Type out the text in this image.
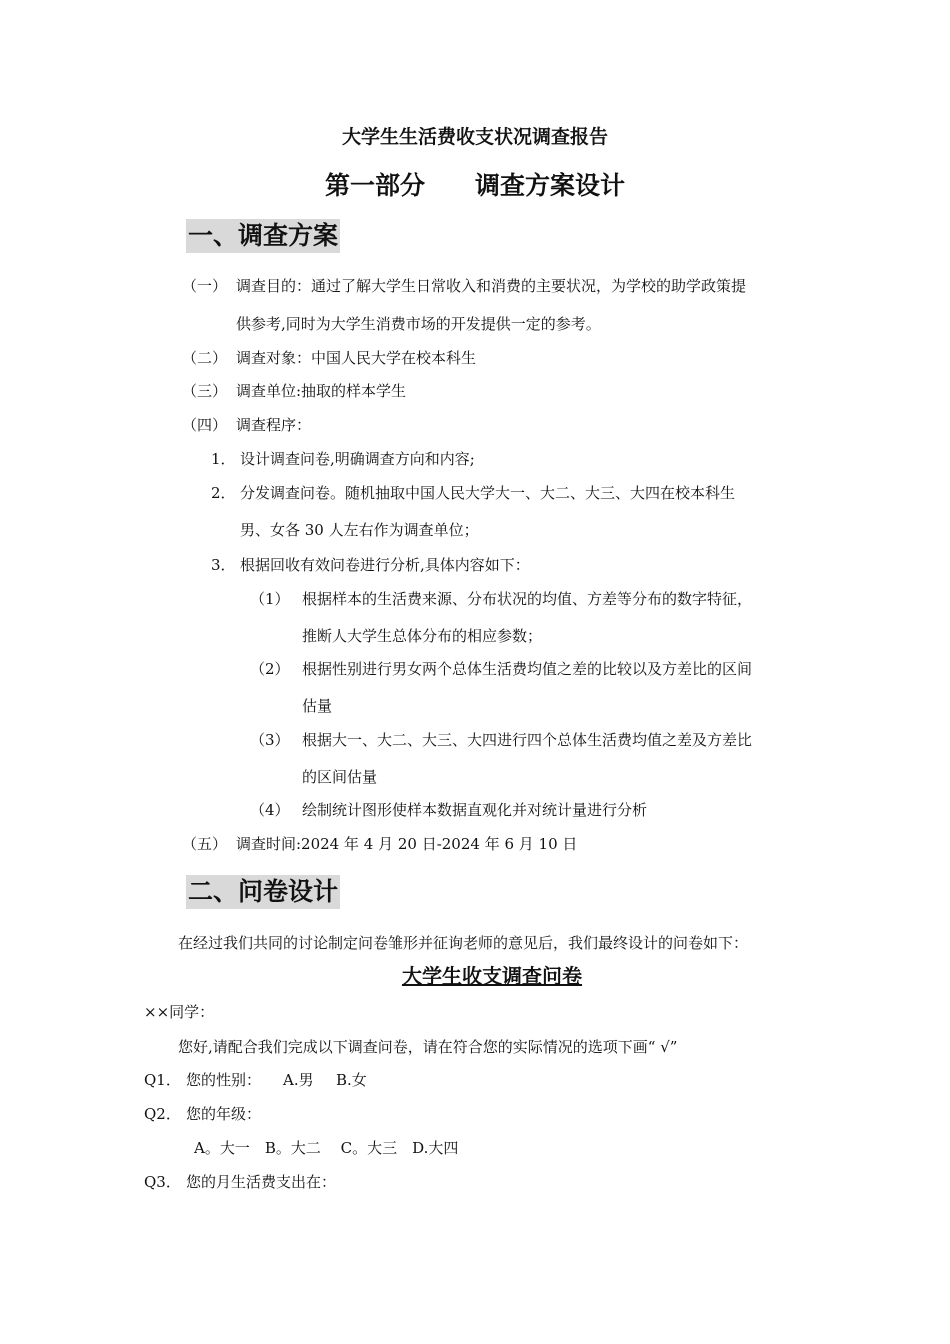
大学生生活费收支状况调查报告
第一部分　　调查方案设计
一、调查方案
（一） 调查目的：通过了解大学生日常收入和消费的主要状况，为学校的助学政策提
供参考,同时为大学生消费市场的开发提供一定的参考。
（二） 调查对象：中国人民大学在校本科生
（三） 调查单位:抽取的样本学生
（四） 调查程序：
1． 设计调查问卷,明确调查方向和内容;
2． 分发调查问卷。随机抽取中国人民大学大一、大二、大三、大四在校本科生
男、女各 30 人左右作为调查单位；
3． 根据回收有效问卷进行分析,具体内容如下：
（1） 根据样本的生活费来源、分布状况的均值、方差等分布的数字特征，
推断人大学生总体分布的相应参数；
（2） 根据性别进行男女两个总体生活费均值之差的比较以及方差比的区间
估量
（3） 根据大一、大二、大三、大四进行四个总体生活费均值之差及方差比
的区间估量
（4） 绘制统计图形使样本数据直观化并对统计量进行分析
（五） 调查时间:2024 年 4 月 20 日-2024 年 6 月 10 日
二、问卷设计
在经过我们共同的讨论制定问卷雏形并征询老师的意见后，我们最终设计的问卷如下：
大学生收支调查问卷
××同学：
您好,请配合我们完成以下调查问卷，请在符合您的实际情况的选项下画“ √”
Q1． 您的性别： A.男 B.女
Q2． 您的年级：
A。大一　B。大二　 C。大三　D.大四
Q3． 您的月生活费支出在：
